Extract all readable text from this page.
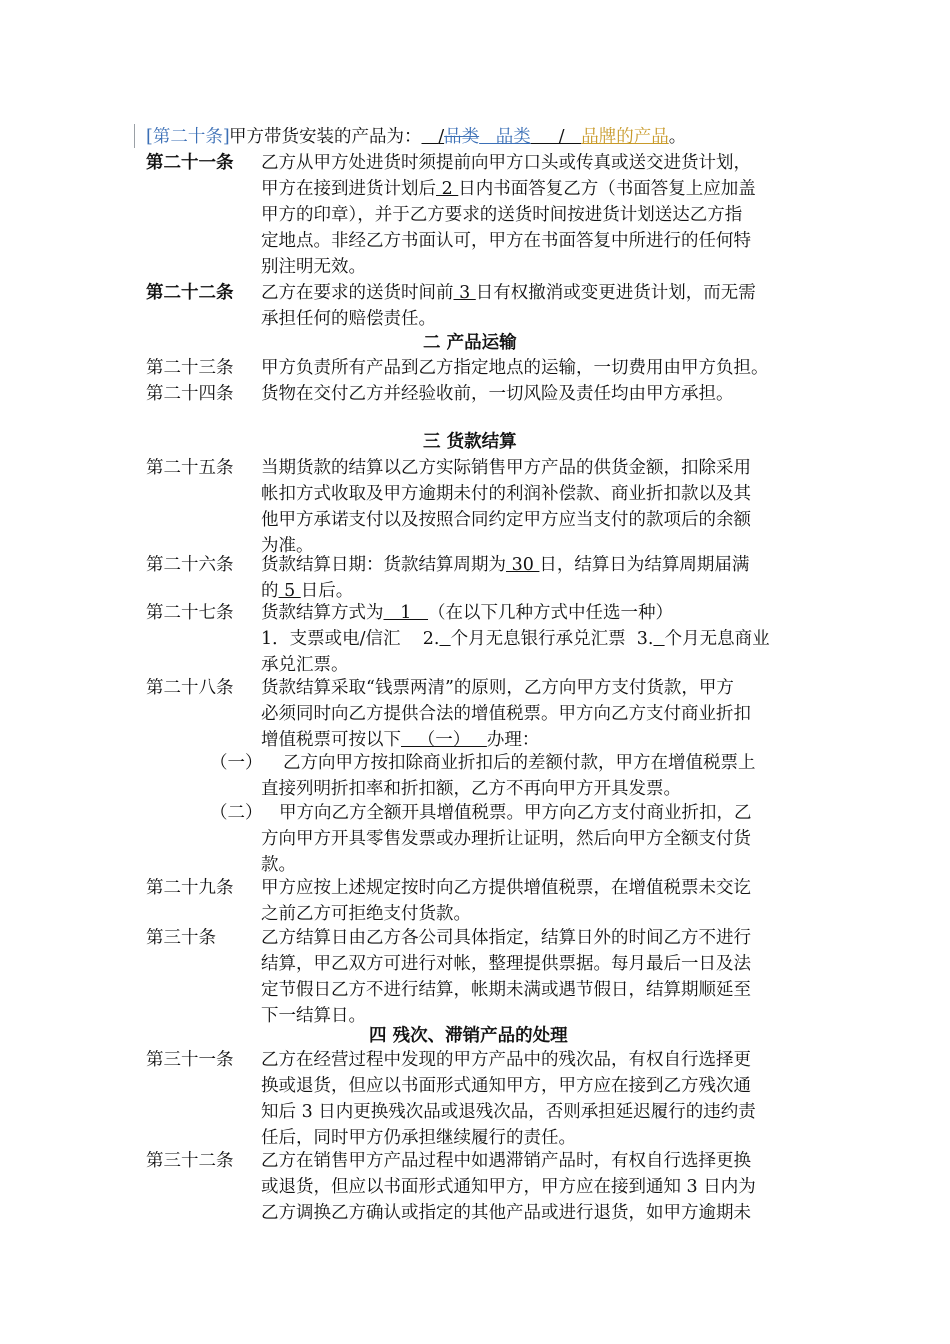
[第二十条] 甲方带货安装的产品为： /品类   品类     /   品牌的产品。
第二十一条 乙方从甲方处进货时须提前向甲方口头或传真或送交进货计划，
甲方在接到进货计划后 2 日内书面答复乙方（书面答复上应加盖
甲方的印章），并于乙方要求的送货时间按进货计划送达乙方指
定地点。非经乙方书面认可，甲方在书面答复中所进行的任何特
别注明无效。
第二十二条 乙方在要求的送货时间前 3 日有权撤消或变更进货计划，而无需
承担任何的赔偿责任。
二 产品运输
第二十三条 甲方负责所有产品到乙方指定地点的运输，一切费用由甲方负担。
第二十四条 货物在交付乙方并经验收前，一切风险及责任均由甲方承担。
三 货款结算
第二十五条 当期货款的结算以乙方实际销售甲方产品的供货金额，扣除采用
帐扣方式收取及甲方逾期未付的利润补偿款、商业折扣款以及其
他甲方承诺支付以及按照合同约定甲方应当支付的款项后的余额
为准。
第二十六条 货款结算日期：货款结算周期为 30 日，结算日为结算周期届满
的 5 日后。
第二十七条 货款结算方式为   1   （在以下几种方式中任选一种）
1．支票或电/信汇    2. 个月无息银行承兑汇票  3. 个月无息商业
承兑汇票。
第二十八条 货款结算采取“钱票两清”的原则，乙方向甲方支付货款，甲方
必须同时向乙方提供合法的增值税票。甲方向乙方支付商业折扣
增值税票可按以下   （一）   办理：
（一） 乙方向甲方按扣除商业折扣后的差额付款，甲方在增值税票上
直接列明折扣率和折扣额，乙方不再向甲方开具发票。
（二） 甲方向乙方全额开具增值税票。甲方向乙方支付商业折扣，乙
方向甲方开具零售发票或办理折让证明，然后向甲方全额支付货
款。
第二十九条 甲方应按上述规定按时向乙方提供增值税票，在增值税票未交讫
之前乙方可拒绝支付货款。
第三十条	乙方结算日由乙方各公司具体指定，结算日外的时间乙方不进行
结算，甲乙双方可进行对帐，整理提供票据。每月最后一日及法
定节假日乙方不进行结算，帐期未满或遇节假日，结算期顺延至
下一结算日。
四 残次、滞销产品的处理
第三十一条 乙方在经营过程中发现的甲方产品中的残次品，有权自行选择更
换或退货，但应以书面形式通知甲方，甲方应在接到乙方残次通
知后 3 日内更换残次品或退残次品，否则承担延迟履行的违约责
任后，同时甲方仍承担继续履行的责任。
第三十二条 乙方在销售甲方产品过程中如遇滞销产品时，有权自行选择更换
或退货，但应以书面形式通知甲方，甲方应在接到通知 3 日内为
乙方调换乙方确认或指定的其他产品或进行退货，如甲方逾期未
